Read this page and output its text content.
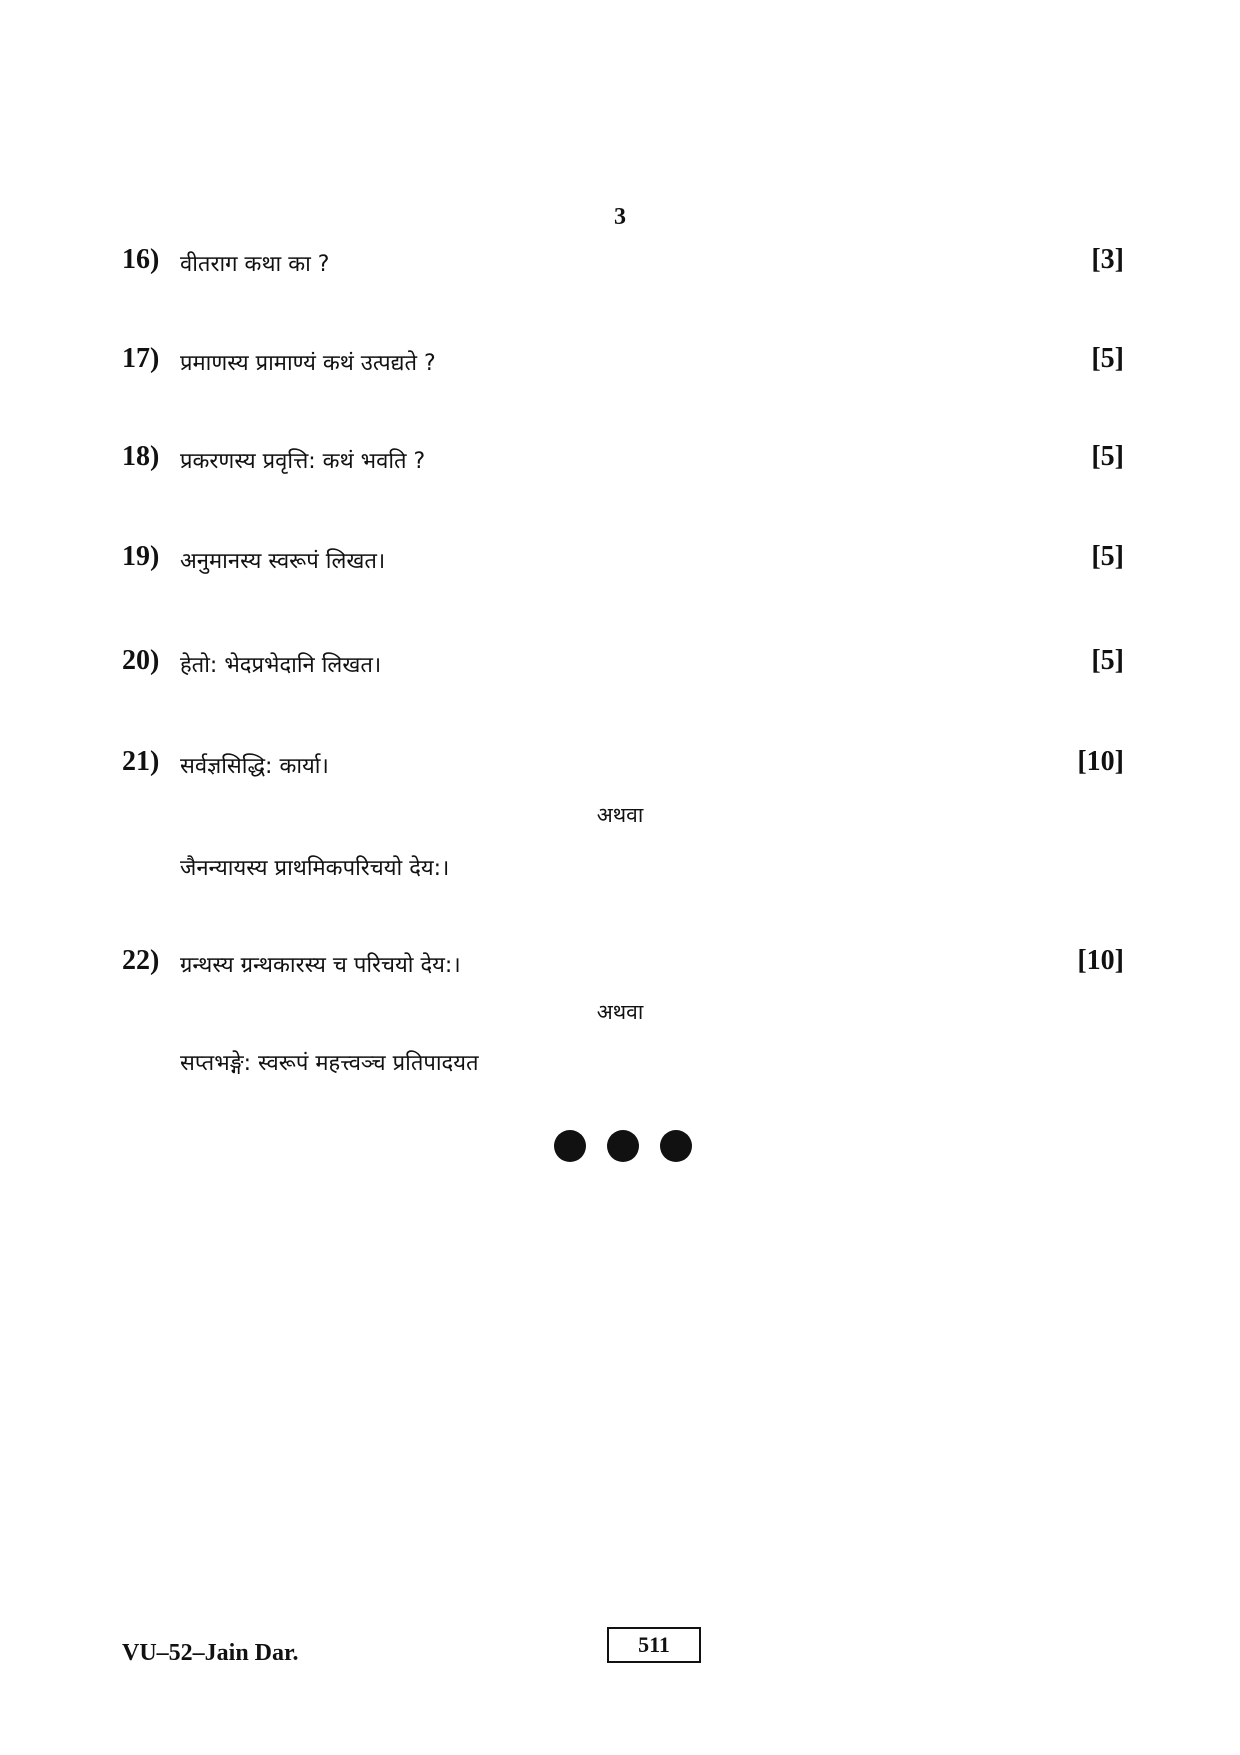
3
16) वीतराग कथा का ?	[3]
17) प्रमाणस्य प्रामाण्यं कथं उत्पद्यते ?	[5]
18) प्रकरणस्य प्रवृत्ति: कथं भवति ?	[5]
19) अनुमानस्य स्वरूपं लिखत।	[5]
20) हेतो: भेदप्रभेदानि लिखत।	[5]
21) सर्वज्ञसिद्धि: कार्या।	[10]
अथवा
जैनन्यायस्य प्राथमिकपरिचयो देय:।
22) ग्रन्थस्य ग्रन्थकारस्य च परिचयो देय:।	[10]
अथवा
सप्तभङ्गे: स्वरूपं महत्त्वञ्च प्रतिपादयत
VU–52–Jain Dar.	511
